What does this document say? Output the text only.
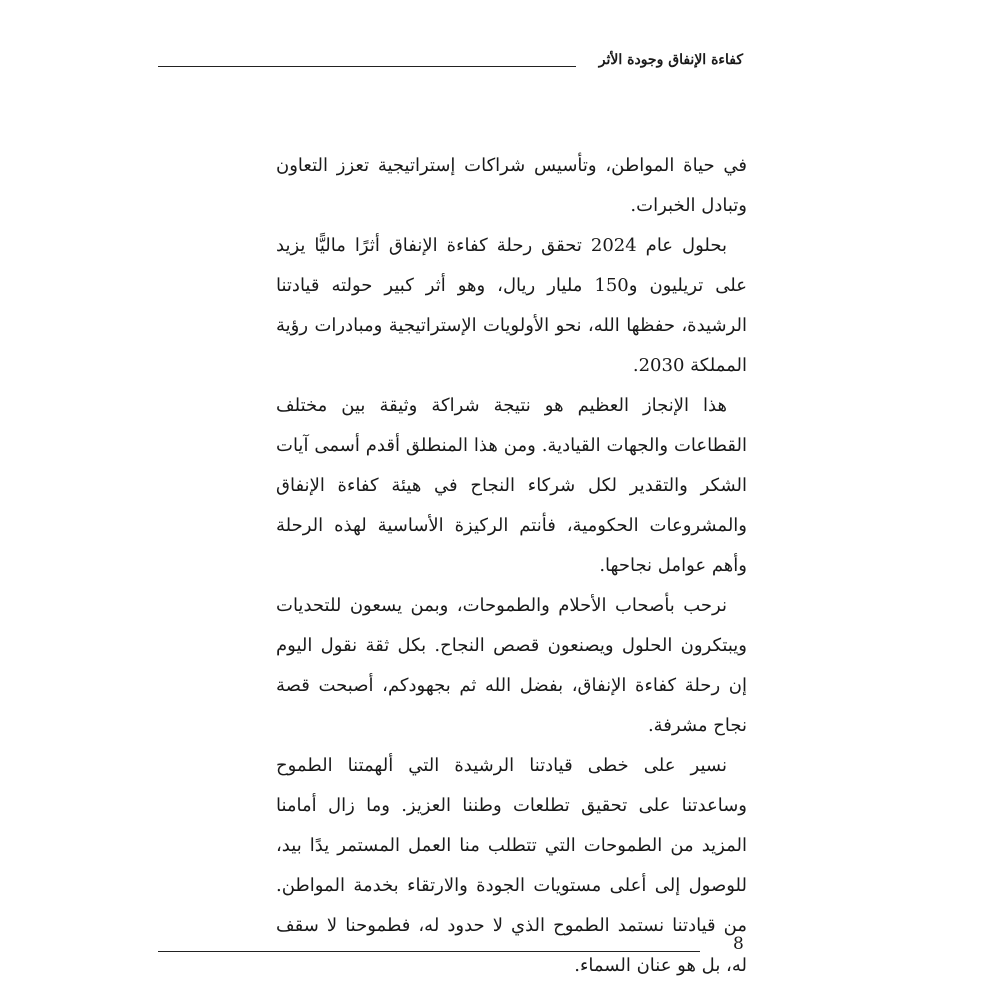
كفاءة الإنفاق وجودة الأثر

في حياة المواطن، وتأسيس شراكات إستراتيجية تعزز التعاون وتبادل الخبرات.

بحلول عام 2024 تحقق رحلة كفاءة الإنفاق أثرًا ماليًّا يزيد على تريليون و150 مليار ريال، وهو أثر كبير حولته قيادتنا الرشيدة، حفظها الله، نحو الأولويات الإستراتيجية ومبادرات رؤية المملكة 2030.

هذا الإنجاز العظيم هو نتيجة شراكة وثيقة بين مختلف القطاعات والجهات القيادية. ومن هذا المنطلق أقدم أسمى آيات الشكر والتقدير لكل شركاء النجاح في هيئة كفاءة الإنفاق والمشروعات الحكومية، فأنتم الركيزة الأساسية لهذه الرحلة وأهم عوامل نجاحها.

نرحب بأصحاب الأحلام والطموحات، وبمن يسعون للتحديات ويبتكرون الحلول ويصنعون قصص النجاح. بكل ثقة نقول اليوم إن رحلة كفاءة الإنفاق، بفضل الله ثم بجهودكم، أصبحت قصة نجاح مشرفة.

نسير على خطى قيادتنا الرشيدة التي ألهمتنا الطموح وساعدتنا على تحقيق تطلعات وطننا العزيز. وما زال أمامنا المزيد من الطموحات التي تتطلب منا العمل المستمر يدًا بيد، للوصول إلى أعلى مستويات الجودة والارتقاء بخدمة المواطن. من قيادتنا نستمد الطموح الذي لا حدود له، فطموحنا لا سقف له، بل هو عنان السماء.

8
